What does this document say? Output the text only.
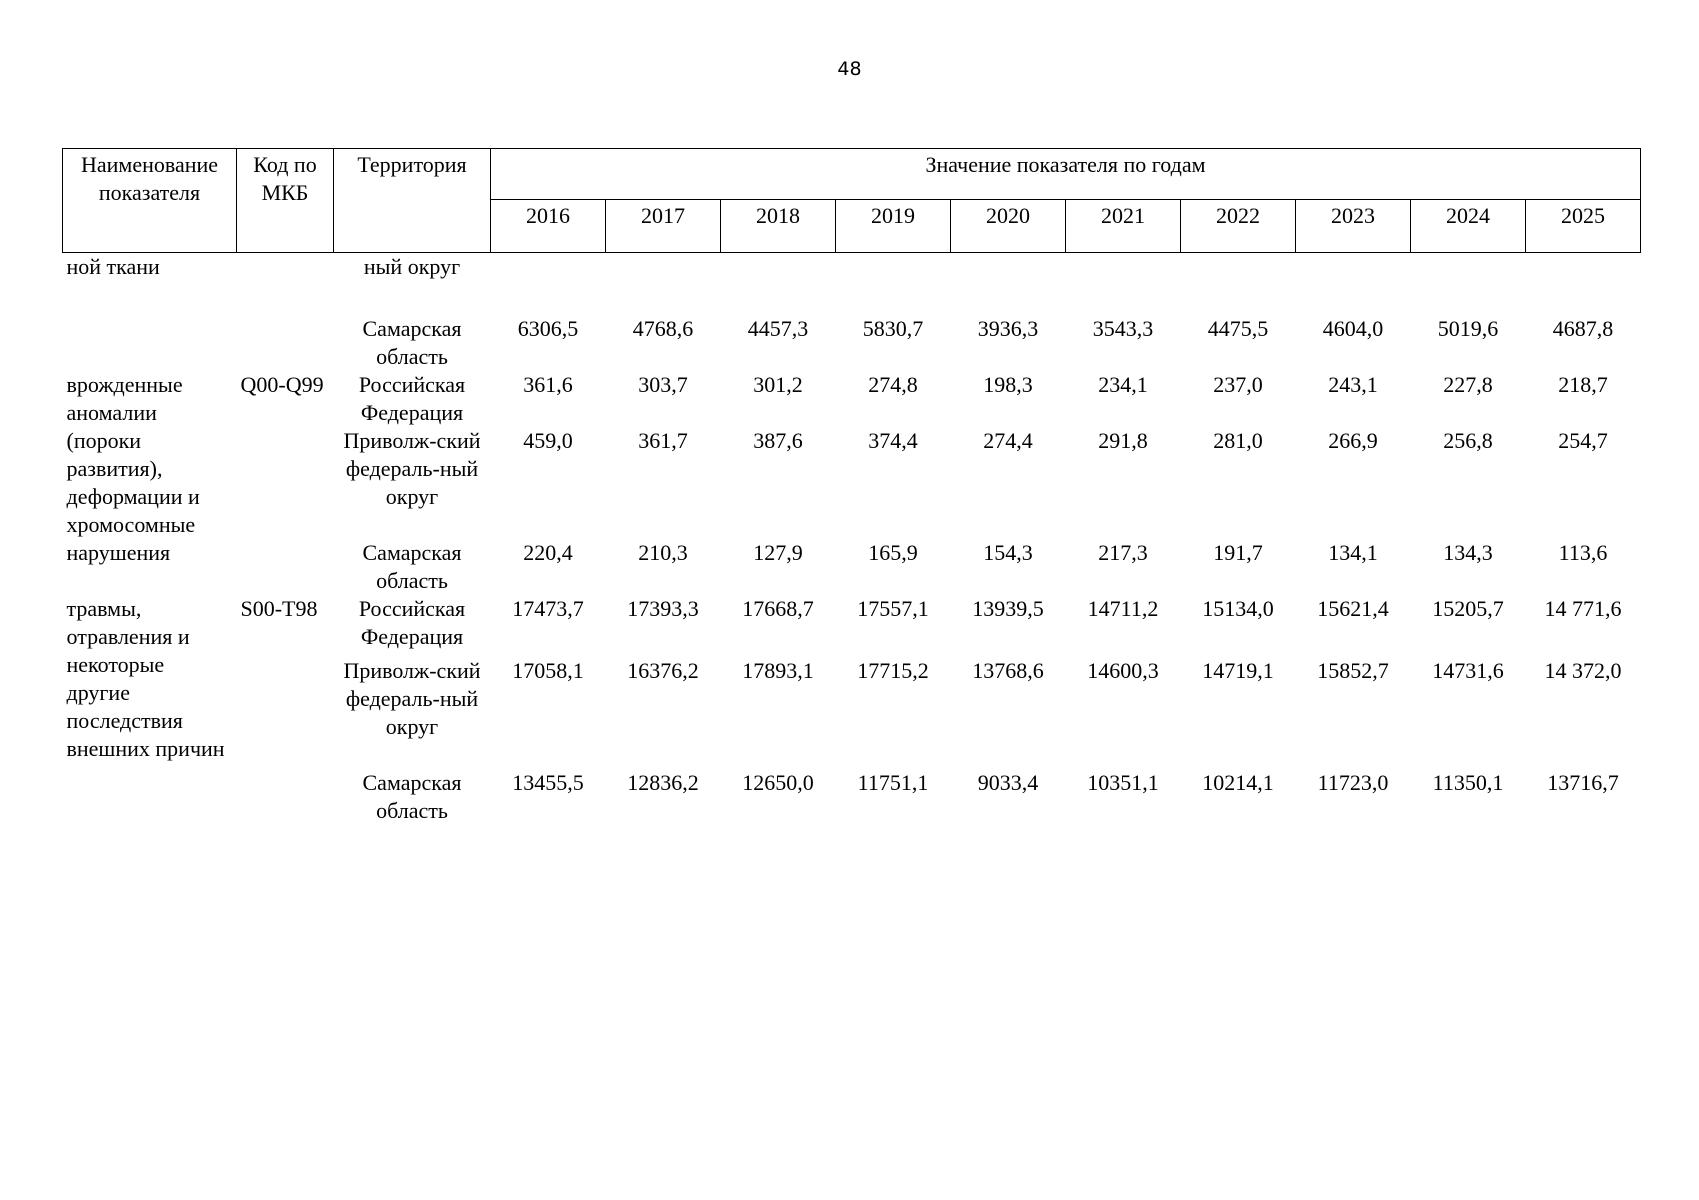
48
Наименование показателя	Код по МКБ	Территория	Значение показателя по годам									
			2016	2017	2018	2019	2020	2021	2022	2023	2024	2025
ной ткани		ный округ										
		Самарская область	6306,5	4768,6	4457,3	5830,7	3936,3	3543,3	4475,5	4604,0	5019,6	4687,8
врожденные аномалии (пороки развития), деформации и хромосомные нарушения	Q00-Q99	Российская Федерация	361,6	303,7	301,2	274,8	198,3	234,1	237,0	243,1	227,8	218,7
		Приволж-ский федераль-ный округ	459,0	361,7	387,6	374,4	274,4	291,8	281,0	266,9	256,8	254,7
		Самарская область	220,4	210,3	127,9	165,9	154,3	217,3	191,7	134,1	134,3	113,6
травмы, отравления и некоторые другие последствия внешних причин	S00-T98	Российская Федерация	17473,7	17393,3	17668,7	17557,1	13939,5	14711,2	15134,0	15621,4	15205,7	14 771,6
		Приволж-ский федераль-ный округ	17058,1	16376,2	17893,1	17715,2	13768,6	14600,3	14719,1	15852,7	14731,6	14 372,0
		Самарская область	13455,5	12836,2	12650,0	11751,1	9033,4	10351,1	10214,1	11723,0	11350,1	13716,7
